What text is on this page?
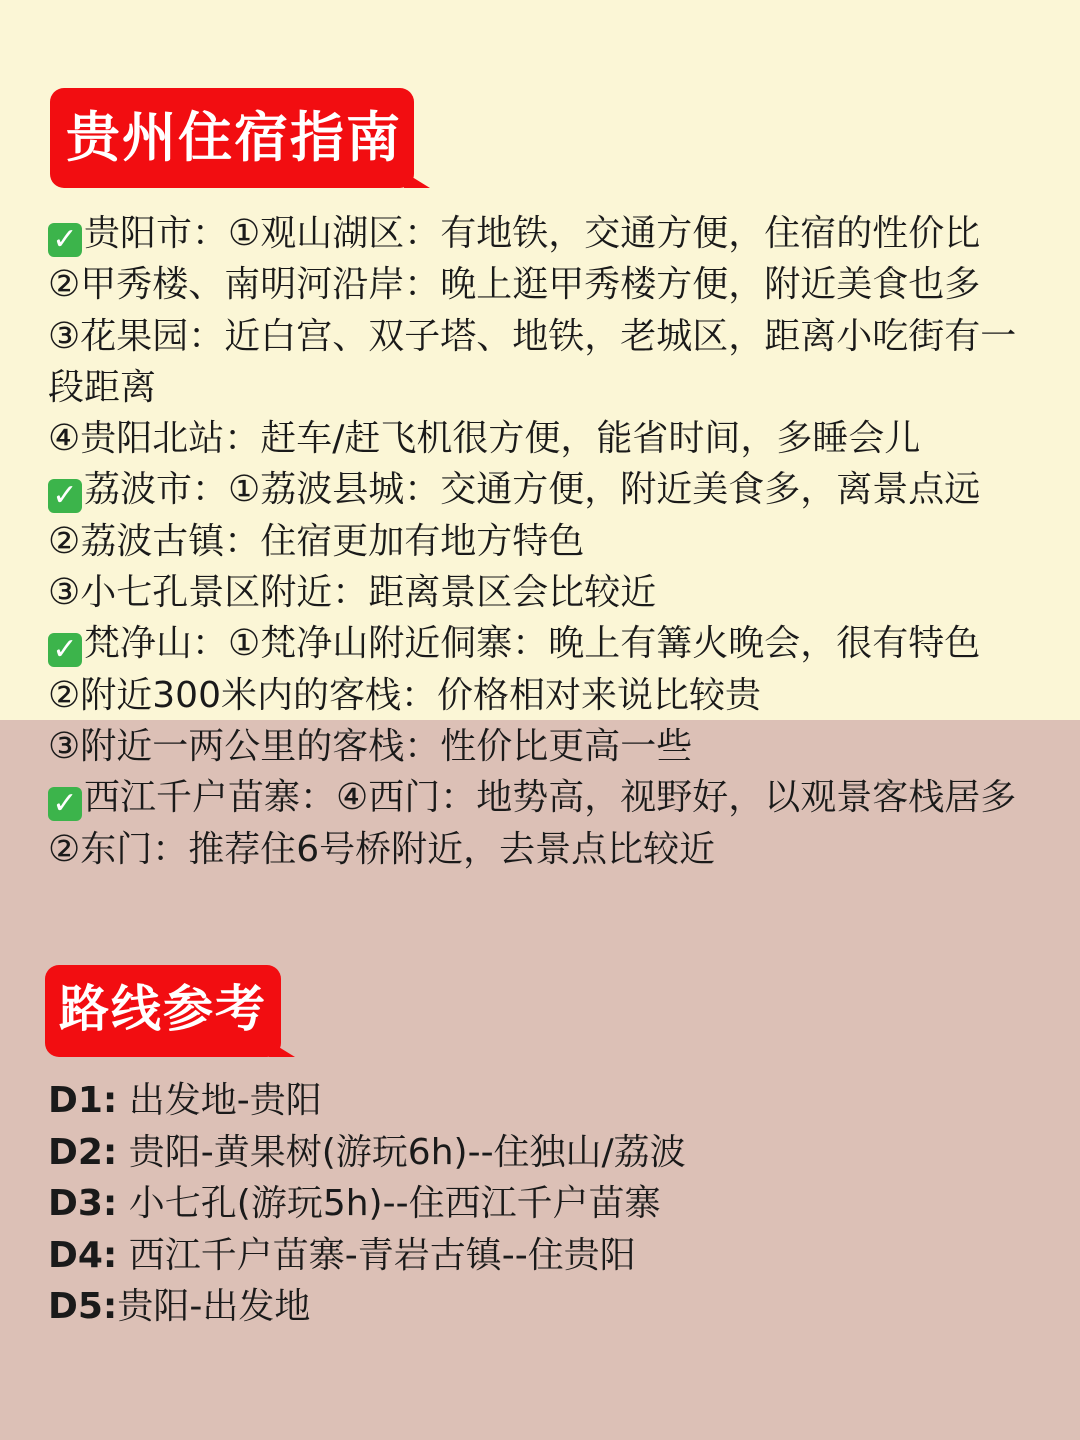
贵州住宿指南
✓ 贵阳市：①观山湖区：有地铁，交通方便，住宿的性价比
②甲秀楼、南明河沿岸：晚上逛甲秀楼方便，附近美食也多
③花果园：近白宫、双子塔、地铁，老城区，距离小吃街有一
段距离
④贵阳北站：赶车/赶飞机很方便，能省时间，多睡会儿
✓ 荔波市：①荔波县城：交通方便，附近美食多，离景点远
②荔波古镇：住宿更加有地方特色
③小七孔景区附近：距离景区会比较近
✓ 梵净山：①梵净山附近侗寨：晚上有篝火晚会，很有特色
②附近300米内的客栈：价格相对来说比较贵
③附近一两公里的客栈：性价比更高一些
✓ 西江千户苗寨：④西门：地势高，视野好，以观景客栈居多
②东门：推荐住6号桥附近，去景点比较近
路线参考
D1: 出发地-贵阳
D2: 贵阳-黄果树(游玩6h)--住独山/荔波
D3: 小七孔(游玩5h)--住西江千户苗寨
D4: 西江千户苗寨-青岩古镇--住贵阳
D5:贵阳-出发地
